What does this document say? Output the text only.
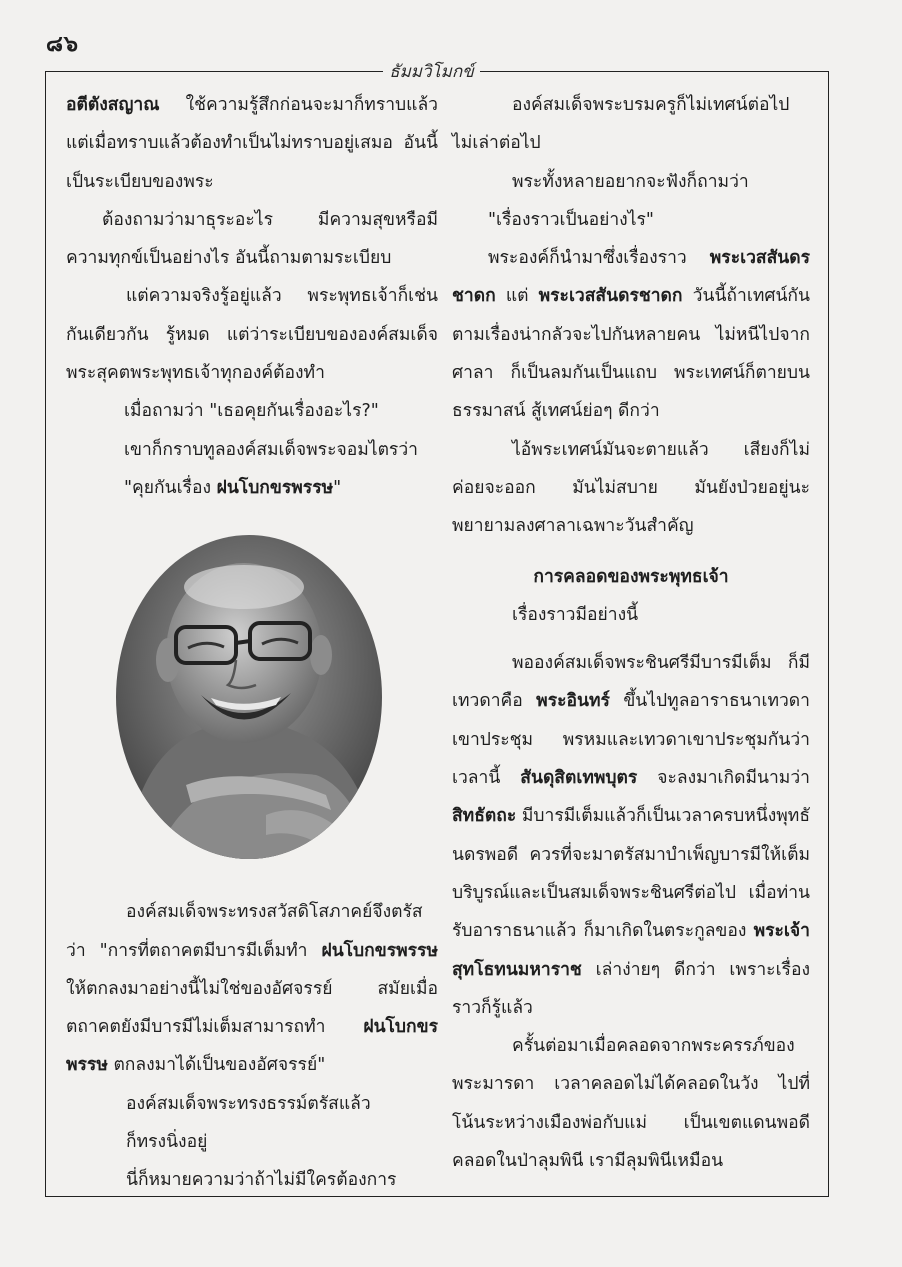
๘๖
ธัมมวิโมกข์

อตีตังสญาณ ใช้ความรู้สึกก่อนจะมาก็ทราบแล้ว แต่เมื่อทราบแล้วต้องทำเป็นไม่ทราบอยู่เสมอ อันนี้เป็นระเบียบของพระ

ต้องถามว่ามาธุระอะไร มีความสุขหรือมีความทุกข์เป็นอย่างไร อันนี้ถามตามระเบียบ

แต่ความจริงรู้อยู่แล้ว พระพุทธเจ้าก็เช่นกันเดียวกัน รู้หมด แต่ว่าระเบียบขององค์สมเด็จพระสุคตพระพุทธเจ้าทุกองค์ต้องทำ

เมื่อถามว่า "เธอคุยกันเรื่องอะไร?"

เขาก็กราบทูลองค์สมเด็จพระจอมไตรว่า "คุยกันเรื่อง ฝนโบกขรพรรษ"

องค์สมเด็จพระทรงสวัสดิโสภาคย์จึงตรัสว่า "การที่ตถาคตมีบารมีเต็มทำ ฝนโบกขรพรรษ ให้ตกลงมาอย่างนี้ไม่ใช่ของอัศจรรย์ สมัยเมื่อตถาคตยังมีบารมีไม่เต็มสามารถทำ ฝนโบกขรพรรษ ตกลงมาได้เป็นของอัศจรรย์"

องค์สมเด็จพระทรงธรรม์ตรัสแล้ว

ก็ทรงนิ่งอยู่

นี่ก็หมายความว่าถ้าไม่มีใครต้องการ

องค์สมเด็จพระบรมครูก็ไม่เทศน์ต่อไป ไม่เล่าต่อไป

พระทั้งหลายอยากจะฟังก็ถามว่า

"เรื่องราวเป็นอย่างไร"

พระองค์ก็นำมาซึ่งเรื่องราว พระเวสสันดรชาดก แต่ พระเวสสันดรชาดก วันนี้ถ้าเทศน์กันตามเรื่องน่ากลัวจะไปกันหลายคน ไม่หนีไปจากศาลา ก็เป็นลมกันเป็นแถบ พระเทศน์ก็ตายบนธรรมาสน์ สู้เทศน์ย่อๆ ดีกว่า

ไอ้พระเทศน์มันจะตายแล้ว เสียงก็ไม่ค่อยจะออก มันไม่สบาย มันยังป่วยอยู่นะพยายามลงศาลาเฉพาะวันสำคัญ

การคลอดของพระพุทธเจ้า

เรื่องราวมีอย่างนี้

พอองค์สมเด็จพระชินศรีมีบารมีเต็ม ก็มีเทวดาคือ พระอินทร์ ขึ้นไปทูลอาราธนาเทวดาเขาประชุม พรหมและเทวดาเขาประชุมกันว่า เวลานี้ สันดุสิตเทพบุตร จะลงมาเกิดมีนามว่า สิทธัตถะ มีบารมีเต็มแล้วก็เป็นเวลาครบหนึ่งพุทธันดรพอดี ควรที่จะมาตรัสมาบำเพ็ญบารมีให้เต็มบริบูรณ์และเป็นสมเด็จพระชินศรีต่อไป เมื่อท่านรับอาราธนาแล้ว ก็มาเกิดในตระกูลของ พระเจ้าสุทโธทนมหาราช เล่าง่ายๆ ดีกว่า เพราะเรื่องราวก็รู้แล้ว

ครั้นต่อมาเมื่อคลอดจากพระครรภ์ของพระมารดา เวลาคลอดไม่ได้คลอดในวัง ไปที่โน้นระหว่างเมืองพ่อกับแม่ เป็นเขตแดนพอดี คลอดในป่าลุมพินี เรามีลุมพินีเหมือน
